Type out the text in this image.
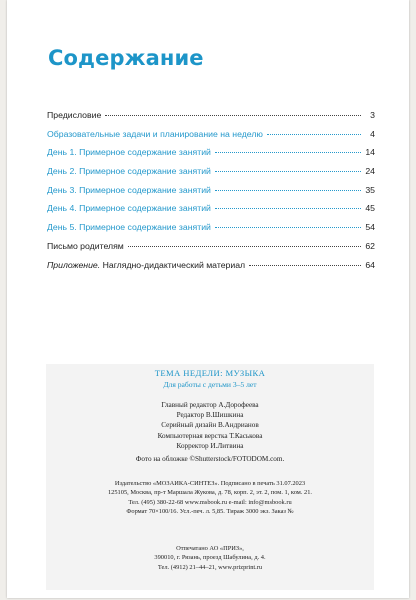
Содержание
Предисловие	3
Образовательные задачи и планирование на неделю	4
День 1. Примерное содержание занятий	14
День 2. Примерное содержание занятий	24
День 3. Примерное содержание занятий	35
День 4. Примерное содержание занятий	45
День 5. Примерное содержание занятий	54
Письмо родителям	62
Приложение. Наглядно-дидактический материал	64
ТЕМА НЕДЕЛИ: МУЗЫКА
Для работы с детьми 3–5 лет
Главный редактор А.Дорофеева
Редактор В.Шишкина
Серийный дизайн В.Андрианов
Компьютерная верстка Т.Каськова
Корректор И.Литвина
Фото на обложке ©Shutterstock/FOTODOM.com.
Издательство «МОЗАИКА-СИНТЕЗ». Подписано в печать 31.07.2023
125105, Москва, пр-т Маршала Жукова, д. 78, корп. 2, эт. 2, пом. 1, ком. 21.
Тел. (495) 380-22-68 www.msbook.ru e-mail: info@msbook.ru
Формат 70×100/16. Усл.-печ. л. 5,85. Тираж 3000 экз. Заказ №
Отпечатано АО «ПРИЗ»,
390010, г. Рязань, проезд Шабулина, д. 4.
Тел. (4912) 21–44–21, www.prizprint.ru
